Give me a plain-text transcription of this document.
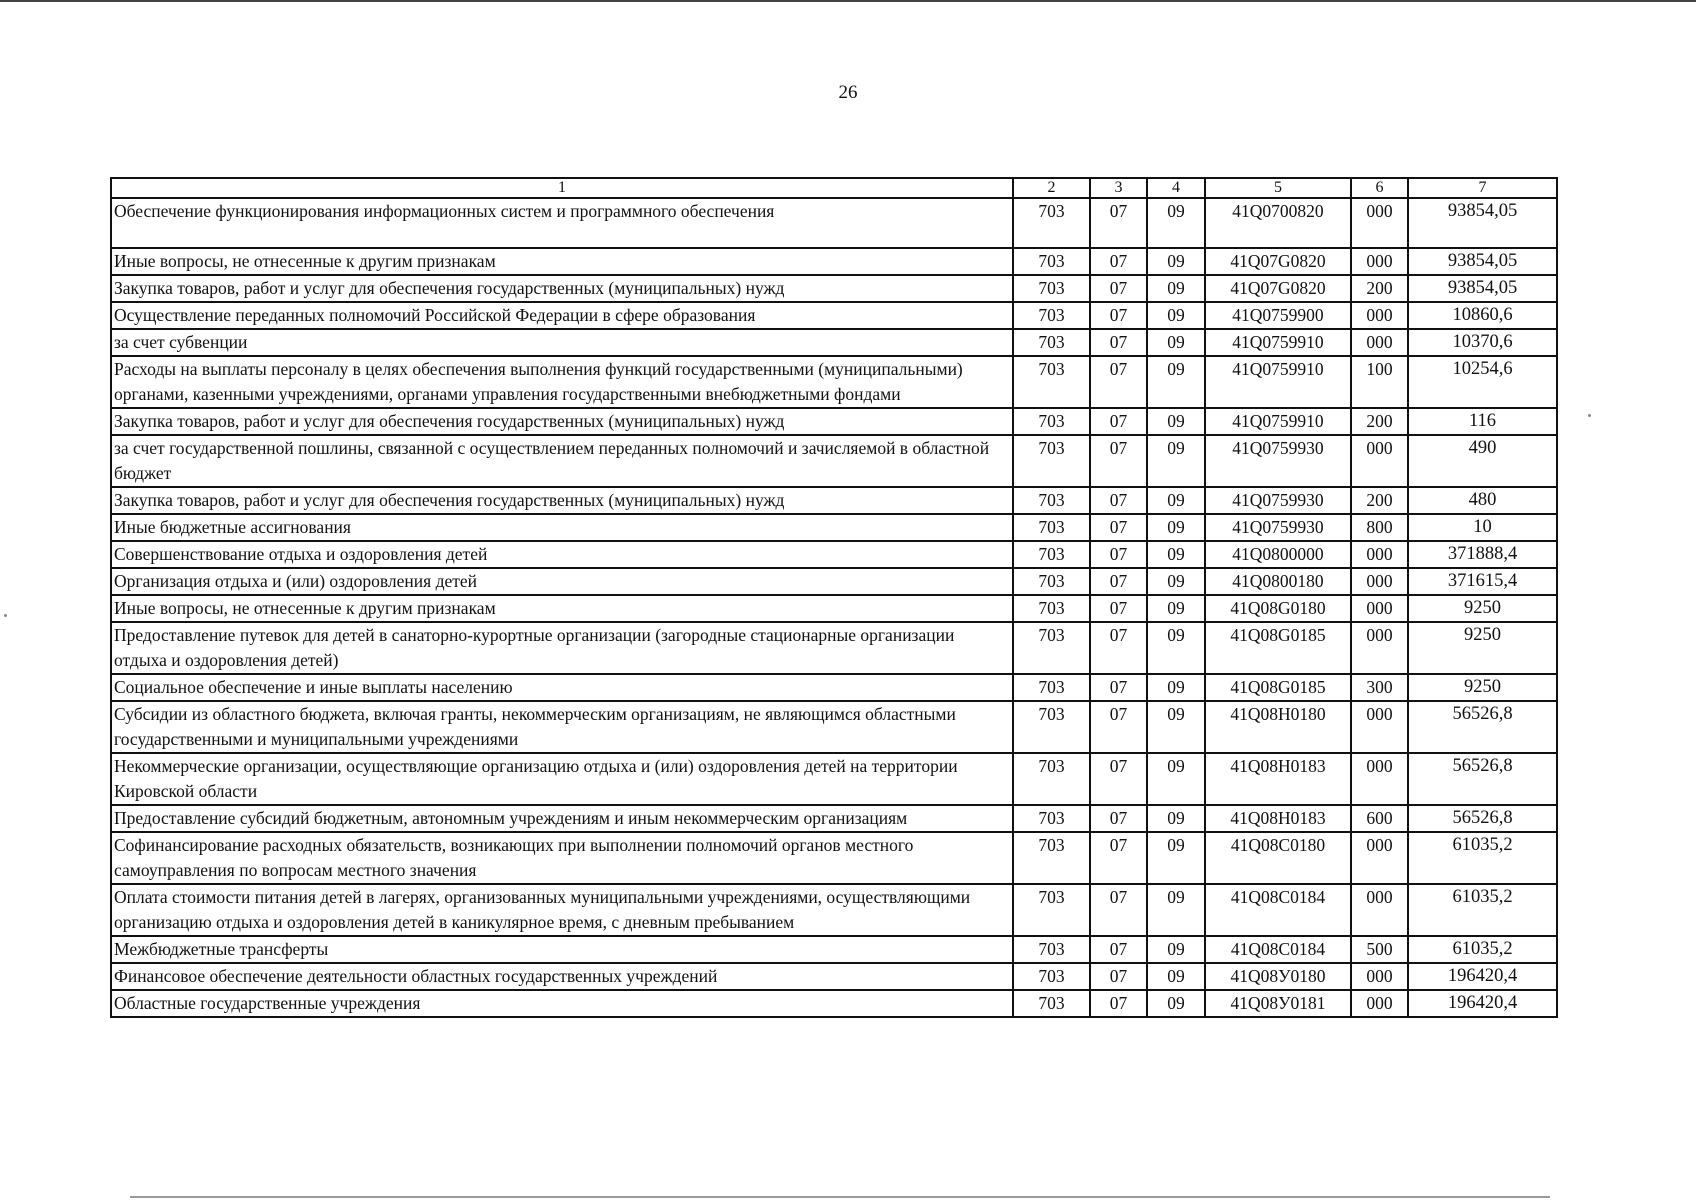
26
1	2	3	4	5	6	7
Обеспечение функционирования информационных систем и программного обеспечения	703	07	09	41Q0700820	000	93854,05
Иные вопросы, не отнесенные к другим признакам	703	07	09	41Q07G0820	000	93854,05
Закупка товаров, работ и услуг для обеспечения государственных (муниципальных) нужд	703	07	09	41Q07G0820	200	93854,05
Осуществление переданных полномочий Российской Федерации в сфере образования	703	07	09	41Q0759900	000	10860,6
за счет субвенции	703	07	09	41Q0759910	000	10370,6
Расходы на выплаты персоналу в целях обеспечения выполнения функций государственными (муниципальными) органами, казенными учреждениями, органами управления государственными внебюджетными фондами	703	07	09	41Q0759910	100	10254,6
Закупка товаров, работ и услуг для обеспечения государственных (муниципальных) нужд	703	07	09	41Q0759910	200	116
за счет государственной пошлины, связанной с осуществлением переданных полномочий и зачисляемой в областной бюджет	703	07	09	41Q0759930	000	490
Закупка товаров, работ и услуг для обеспечения государственных (муниципальных) нужд	703	07	09	41Q0759930	200	480
Иные бюджетные ассигнования	703	07	09	41Q0759930	800	10
Совершенствование отдыха и оздоровления детей	703	07	09	41Q0800000	000	371888,4
Организация отдыха и (или) оздоровления детей	703	07	09	41Q0800180	000	371615,4
Иные вопросы, не отнесенные к другим признакам	703	07	09	41Q08G0180	000	9250
Предоставление путевок для детей в санаторно-курортные организации (загородные стационарные организации отдыха и оздоровления детей)	703	07	09	41Q08G0185	000	9250
Социальное обеспечение и иные выплаты населению	703	07	09	41Q08G0185	300	9250
Субсидии из областного бюджета, включая гранты, некоммерческим организациям, не являющимся областными государственными и муниципальными учреждениями	703	07	09	41Q08H0180	000	56526,8
Некоммерческие организации, осуществляющие организацию отдыха и (или) оздоровления детей на территории Кировской области	703	07	09	41Q08H0183	000	56526,8
Предоставление субсидий бюджетным, автономным учреждениям и иным некоммерческим организациям	703	07	09	41Q08H0183	600	56526,8
Софинансирование расходных обязательств, возникающих при выполнении полномочий органов местного самоуправления по вопросам местного значения	703	07	09	41Q08C0180	000	61035,2
Оплата стоимости питания детей в лагерях, организованных муниципальными учреждениями, осуществляющими организацию отдыха и оздоровления детей в каникулярное время, с дневным пребыванием	703	07	09	41Q08C0184	000	61035,2
Межбюджетные трансферты	703	07	09	41Q08C0184	500	61035,2
Финансовое обеспечение деятельности областных государственных учреждений	703	07	09	41Q08У0180	000	196420,4
Областные государственные учреждения	703	07	09	41Q08У0181	000	196420,4
